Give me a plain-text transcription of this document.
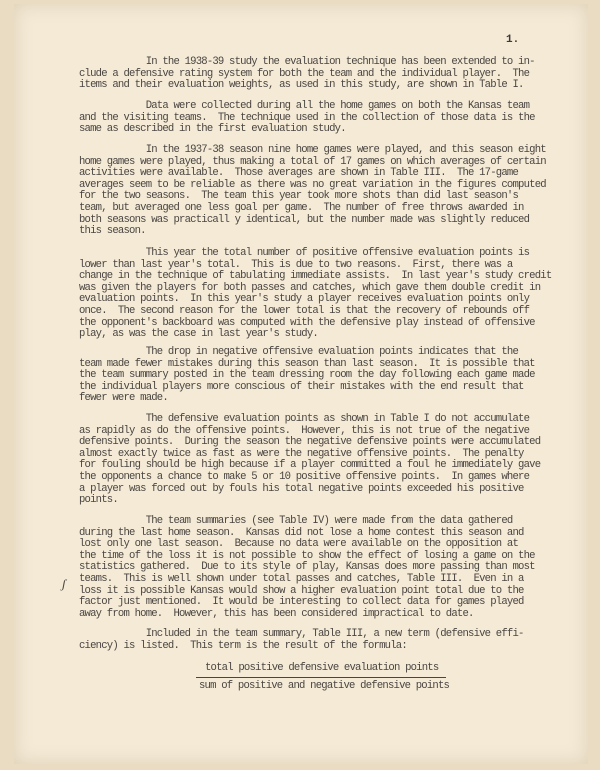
1.
In the 1938-39 study the evaluation technique has been extended to in-
clude a defensive rating system for both the team and the individual player.  The
items and their evaluation weights, as used in this study, are shown in Table I.
Data were collected during all the home games on both the Kansas team
and the visiting teams.  The technique used in the collection of those data is the
same as described in the first evaluation study.
In the 1937-38 season nine home games were played, and this season eight
home games were played, thus making a total of 17 games on which averages of certain
activities were available.  Those averages are shown in Table III.  The 17-game
averages seem to be reliable as there was no great variation in the figures computed
for the two seasons.  The team this year took more shots than did last season's
team, but averaged one less goal per game.  The number of free throws awarded in
both seasons was practicall y identical, but the number made was slightly reduced
this season.
This year the total number of positive offensive evaluation points is
lower than last year's total.  This is due to two reasons.  First, there was a
change in the technique of tabulating immediate assists.  In last year's study credit
was given the players for both passes and catches, which gave them double credit in
evaluation points.  In this year's study a player receives evaluation points only
once.  The second reason for the lower total is that the recovery of rebounds off
the opponent's backboard was computed with the defensive play instead of offensive
play, as was the case in last year's study.
The drop in negative offensive evaluation points indicates that the
team made fewer mistakes during this season than last season.  It is possible that
the team summary posted in the team dressing room the day following each game made
the individual players more conscious of their mistakes with the end result that
fewer were made.
The defensive evaluation points as shown in Table I do not accumulate
as rapidly as do the offensive points.  However, this is not true of the negative
defensive points.  During the season the negative defensive points were accumulated
almost exactly twice as fast as were the negative offensive points.  The penalty
for fouling should be high because if a player committed a foul he immediately gave
the opponents a chance to make 5 or 10 positive offensive points.  In games where
a player was forced out by fouls his total negative points exceeded his positive
points.
The team summaries (see Table IV) were made from the data gathered
during the last home season.  Kansas did not lose a home contest this season and
lost only one last season.  Because no data were available on the opposition at
the time of the loss it is not possible to show the effect of losing a game on the
statistics gathered.  Due to its style of play, Kansas does more passing than most
teams.  This is well shown under total passes and catches, Table III.  Even in a
loss it is possible Kansas would show a higher evaluation point total due to the
factor just mentioned.  It would be interesting to collect data for games played
away from home.  However, this has been considered impractical to date.
Included in the team summary, Table III, a new term (defensive effi-
ciency) is listed.  This term is the result of the formula:
ʃ
total positive defensive evaluation points
sum of positive and negative defensive points
